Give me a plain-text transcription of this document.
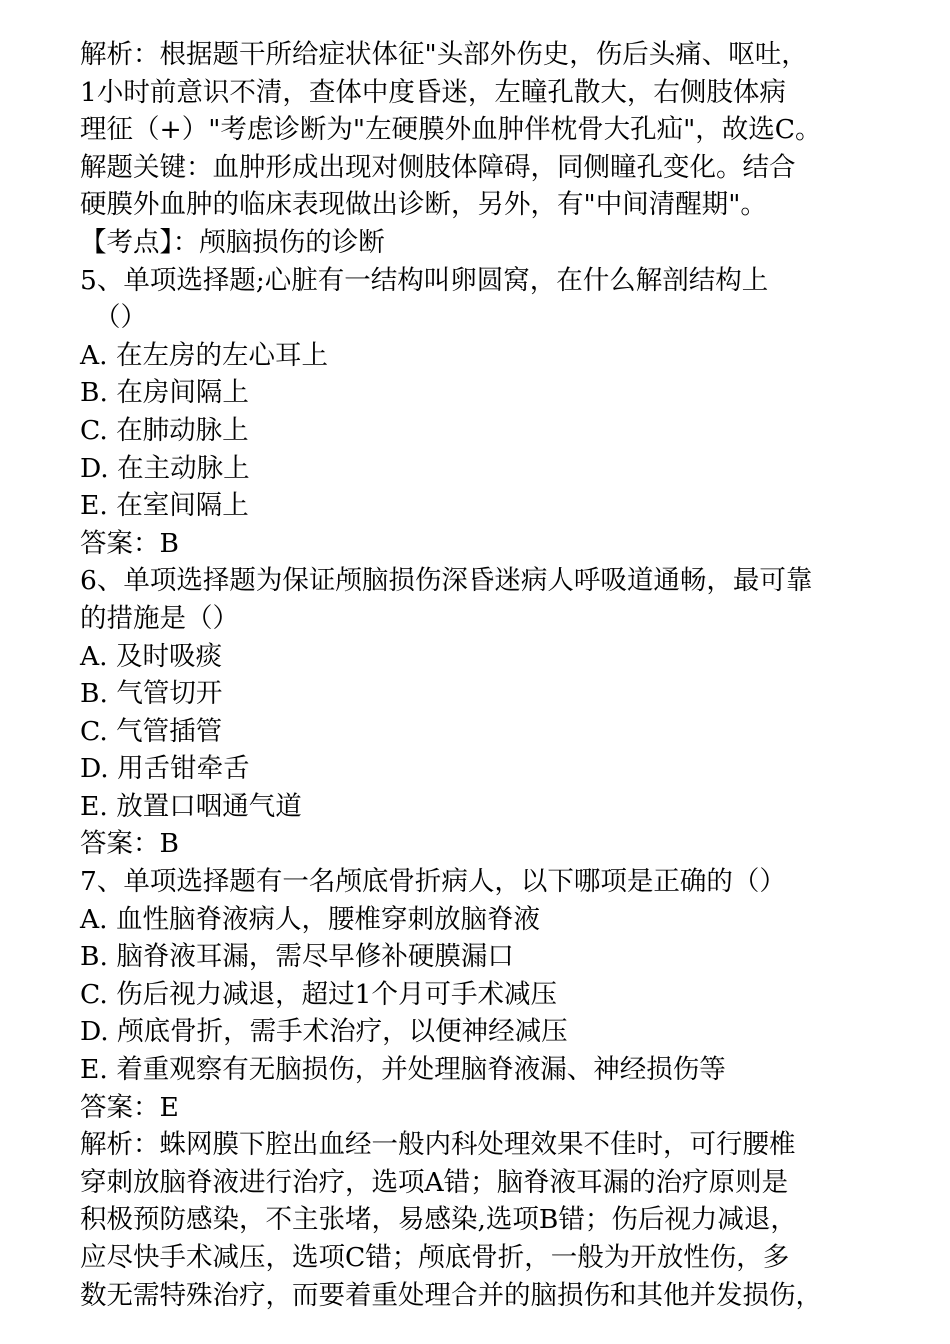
解析：根据题干所给症状体征"头部外伤史，伤后头痛、呕吐，
1小时前意识不清，查体中度昏迷，左瞳孔散大，右侧肢体病
理征（+）"考虑诊断为"左硬膜外血肿伴枕骨大孔疝"，故选C。
解题关键：血肿形成出现对侧肢体障碍，同侧瞳孔变化。结合
硬膜外血肿的临床表现做出诊断，另外，有"中间清醒期"。
【考点】：颅脑损伤的诊断
5、单项选择题;心脏有一结构叫卵圆窝，在什么解剖结构上
（）
A. 在左房的左心耳上
B. 在房间隔上
C. 在肺动脉上
D. 在主动脉上
E. 在室间隔上
答案：B
6、单项选择题为保证颅脑损伤深昏迷病人呼吸道通畅，最可靠
的措施是（）
A. 及时吸痰
B. 气管切开
C. 气管插管
D. 用舌钳牵舌
E. 放置口咽通气道
答案：B
7、单项选择题有一名颅底骨折病人，以下哪项是正确的（）
A. 血性脑脊液病人，腰椎穿刺放脑脊液
B. 脑脊液耳漏，需尽早修补硬膜漏口
C. 伤后视力减退，超过1个月可手术减压
D. 颅底骨折，需手术治疗，以便神经减压
E. 着重观察有无脑损伤，并处理脑脊液漏、神经损伤等
答案：E
解析：蛛网膜下腔出血经一般内科处理效果不佳时，可行腰椎
穿刺放脑脊液进行治疗，选项A错；脑脊液耳漏的治疗原则是
积极预防感染，不主张堵，易感染,选项B错；伤后视力减退，
应尽快手术减压，选项C错；颅底骨折，一般为开放性伤，多
数无需特殊治疗，而要着重处理合并的脑损伤和其他并发损伤，
